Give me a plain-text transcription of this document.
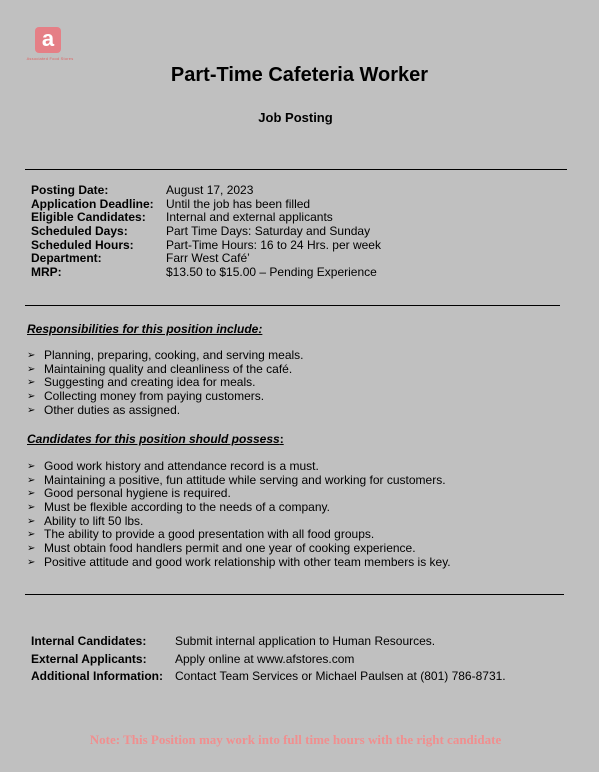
a
Associated Food Stores
Part-Time Cafeteria Worker
Job Posting
Posting Date:	August 17, 2023
Application Deadline: Until the job has been filled
Eligible Candidates: Internal and external applicants
Scheduled Days:	Part Time Days: Saturday and Sunday
Scheduled Hours:	Part-Time Hours: 16 to 24 Hrs. per week
Department:	Farr West Café’
MRP:	$13.50 to $15.00 – Pending Experience
Responsibilities for this position include:
➢ Planning, preparing, cooking, and serving meals.
➢ Maintaining quality and cleanliness of the café.
➢ Suggesting and creating idea for meals.
➢ Collecting money from paying customers.
➢ Other duties as assigned.
Candidates for this position should possess:
➢ Good work history and attendance record is a must.
➢ Maintaining a positive, fun attitude while serving and working for customers.
➢ Good personal hygiene is required.
➢ Must be flexible according to the needs of a company.
➢ Ability to lift 50 lbs.
➢ The ability to provide a good presentation with all food groups.
➢ Must obtain food handlers permit and one year of cooking experience.
➢ Positive attitude and good work relationship with other team members is key.
Internal Candidates: Submit internal application to Human Resources.
External Applicants: Apply online at www.afstores.com
Additional Information: Contact Team Services or Michael Paulsen at (801) 786-8731.
Note: This Position may work into full time hours with the right candidate
